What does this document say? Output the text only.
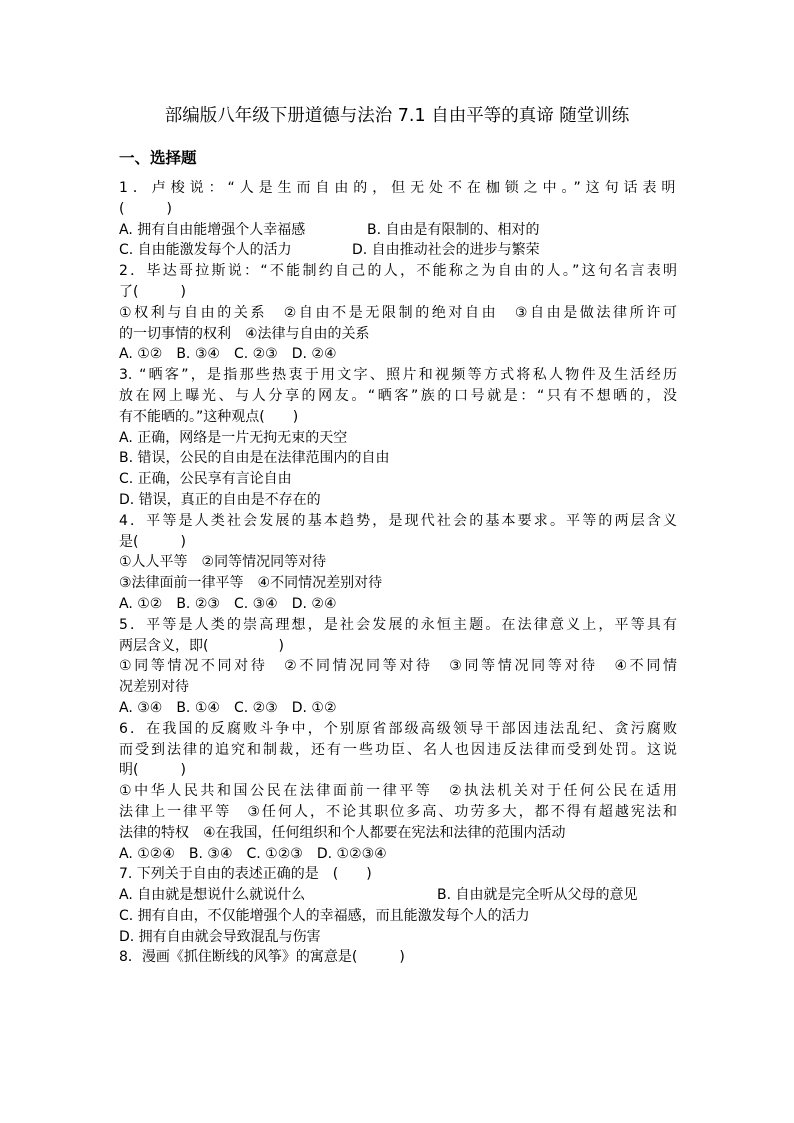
部编版八年级下册道德与法治 7.1 自由平等的真谛 随堂训练
一、选择题
1．卢梭说：“人是生而自由的，但无处不在枷锁之中。”这句话表明
(　　　)
A. 拥有自由能增强个人幸福感	B. 自由是有限制的、相对的
C. 自由能激发每个人的活力	D. 自由推动社会的进步与繁荣
2．毕达哥拉斯说：“不能制约自己的人，不能称之为自由的人。”这句名言表明
了(　　　)
①权利与自由的关系　②自由不是无限制的绝对自由　③自由是做法律所许可
的一切事情的权利　④法律与自由的关系
A. ①②　B. ③④　C. ②③　D. ②④
3. “晒客”，是指那些热衷于用文字、照片和视频等方式将私人物件及生活经历
放在网上曝光、与人分享的网友。“晒客”族的口号就是：“只有不想晒的，没
有不能晒的。”这种观点(　　)
A. 正确，网络是一片无拘无束的天空
B. 错误，公民的自由是在法律范围内的自由
C. 正确，公民享有言论自由
D. 错误，真正的自由是不存在的
4．平等是人类社会发展的基本趋势，是现代社会的基本要求。平等的两层含义
是(　　　)
①人人平等　②同等情况同等对待
③法律面前一律平等　④不同情况差别对待
A. ①②　B. ②③　C. ③④　D. ②④
5．平等是人类的崇高理想，是社会发展的永恒主题。在法律意义上，平等具有
两层含义，即(　　　　　)
①同等情况不同对待　②不同情况同等对待　③同等情况同等对待　④不同情
况差别对待
A. ③④　B. ①④　C. ②③　D. ①②
6．在我国的反腐败斗争中，个别原省部级高级领导干部因违法乱纪、贪污腐败
而受到法律的追究和制裁，还有一些功臣、名人也因违反法律而受到处罚。这说
明(　　　)
①中华人民共和国公民在法律面前一律平等　②执法机关对于任何公民在适用
法律上一律平等　③任何人，不论其职位多高、功劳多大，都不得有超越宪法和
法律的特权　④在我国，任何组织和个人都要在宪法和法律的范围内活动
A. ①②④　B. ③④　C. ①②③　D. ①②③④
7. 下列关于自由的表述正确的是　(　　)
A. 自由就是想说什么就说什么	B. 自由就是完全听从父母的意见
C. 拥有自由，不仅能增强个人的幸福感，而且能激发每个人的活力
D. 拥有自由就会导致混乱与伤害
8．漫画《抓住断线的风筝》的寓意是(　　　)
